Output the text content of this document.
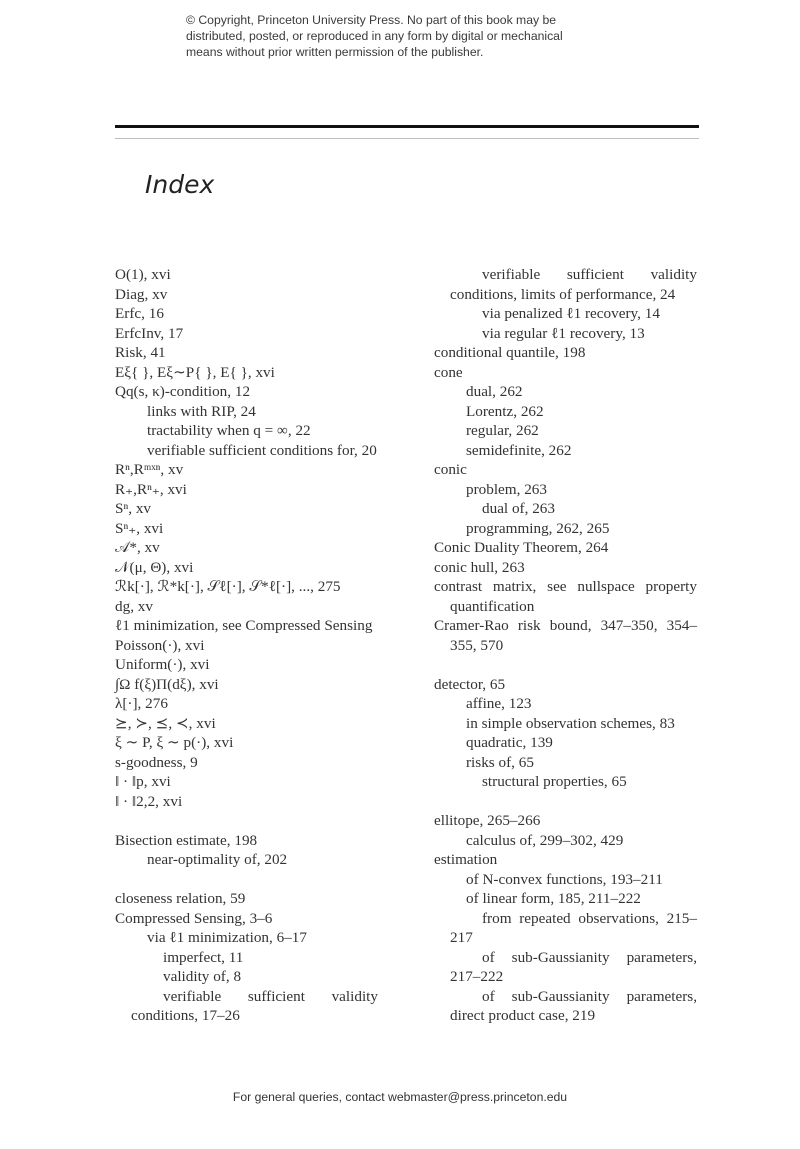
© Copyright, Princeton University Press. No part of this book may be
distributed, posted, or reproduced in any form by digital or mechanical
means without prior written permission of the publisher.
Index
O(1), xvi
Diag, xv
Erfc, 16
ErfcInv, 17
Risk, 41
Eξ{ }, Eξ∼P{ }, E{ }, xvi
Qq(s, κ)-condition, 12
links with RIP, 24
tractability when q = ∞, 22
verifiable sufficient conditions for, 20
Rⁿ,Rᵐˣⁿ, xv
R₊,Rⁿ₊, xvi
Sⁿ, xv
Sⁿ₊, xvi
𝒜*, xv
𝒩(μ, Θ), xvi
ℛk[·], ℛ*k[·], 𝒮ℓ[·], 𝒮*ℓ[·], ..., 275
dg, xv
ℓ1 minimization, see Compressed Sensing
Poisson(·), xvi
Uniform(·), xvi
∫Ω f(ξ)Π(dξ), xvi
λ[·], 276
⪰, ≻, ⪯, ≺, xvi
ξ ∼ P, ξ ∼ p(·), xvi
s-goodness, 9
‖ · ‖p, xvi
‖ · ‖2,2, xvi
Bisection estimate, 198
near-optimality of, 202
closeness relation, 59
Compressed Sensing, 3–6
via ℓ1 minimization, 6–17
imperfect, 11
validity of, 8
verifiable sufficient validity conditions, 17–26
verifiable sufficient validity conditions, limits of performance, 24
via penalized ℓ1 recovery, 14
via regular ℓ1 recovery, 13
conditional quantile, 198
cone
dual, 262
Lorentz, 262
regular, 262
semidefinite, 262
conic
problem, 263
dual of, 263
programming, 262, 265
Conic Duality Theorem, 264
conic hull, 263
contrast matrix, see nullspace property quantification
Cramer-Rao risk bound, 347–350, 354–355, 570
detector, 65
affine, 123
in simple observation schemes, 83
quadratic, 139
risks of, 65
structural properties, 65
ellitope, 265–266
calculus of, 299–302, 429
estimation
of N-convex functions, 193–211
of linear form, 185, 211–222
from repeated observations, 215–217
of sub-Gaussianity parameters, 217–222
of sub-Gaussianity parameters, direct product case, 219
For general queries, contact webmaster@press.princeton.edu
